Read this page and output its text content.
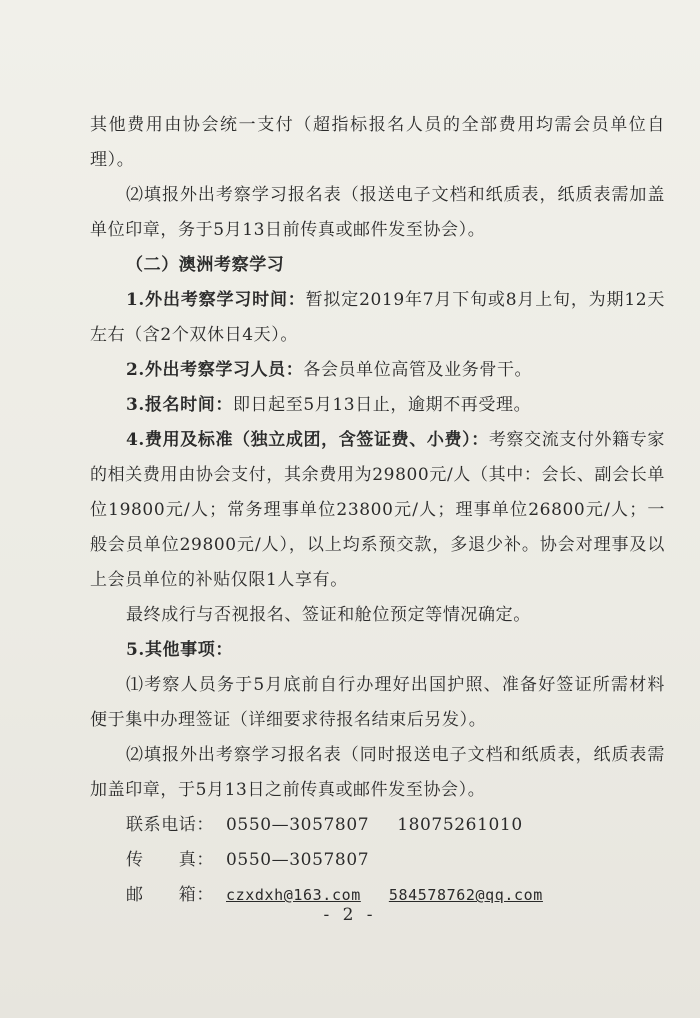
其他费用由协会统一支付（超指标报名人员的全部费用均需会员单位自理）。

⑵填报外出考察学习报名表（报送电子文档和纸质表，纸质表需加盖单位印章，务于5月13日前传真或邮件发至协会）。

（二）澳洲考察学习

1.外出考察学习时间：暂拟定2019年7月下旬或8月上旬，为期12天左右（含2个双休日4天）。

2.外出考察学习人员：各会员单位高管及业务骨干。

3.报名时间：即日起至5月13日止，逾期不再受理。

4.费用及标准（独立成团，含签证费、小费）：考察交流支付外籍专家的相关费用由协会支付，其余费用为29800元/人（其中：会长、副会长单位19800元/人；常务理事单位23800元/人；理事单位26800元/人；一般会员单位29800元/人），以上均系预交款，多退少补。协会对理事及以上会员单位的补贴仅限1人享有。

最终成行与否视报名、签证和舱位预定等情况确定。

5.其他事项：

⑴考察人员务于5月底前自行办理好出国护照、准备好签证所需材料便于集中办理签证（详细要求待报名结束后另发）。

⑵填报外出考察学习报名表（同时报送电子文档和纸质表，纸质表需加盖印章，于5月13日之前传真或邮件发至协会）。

联系电话： 0550—3057807 18075261010
传　　真： 0550—3057807
邮　　箱： czxdxh@163.com 584578762@qq.com
- 2 -
